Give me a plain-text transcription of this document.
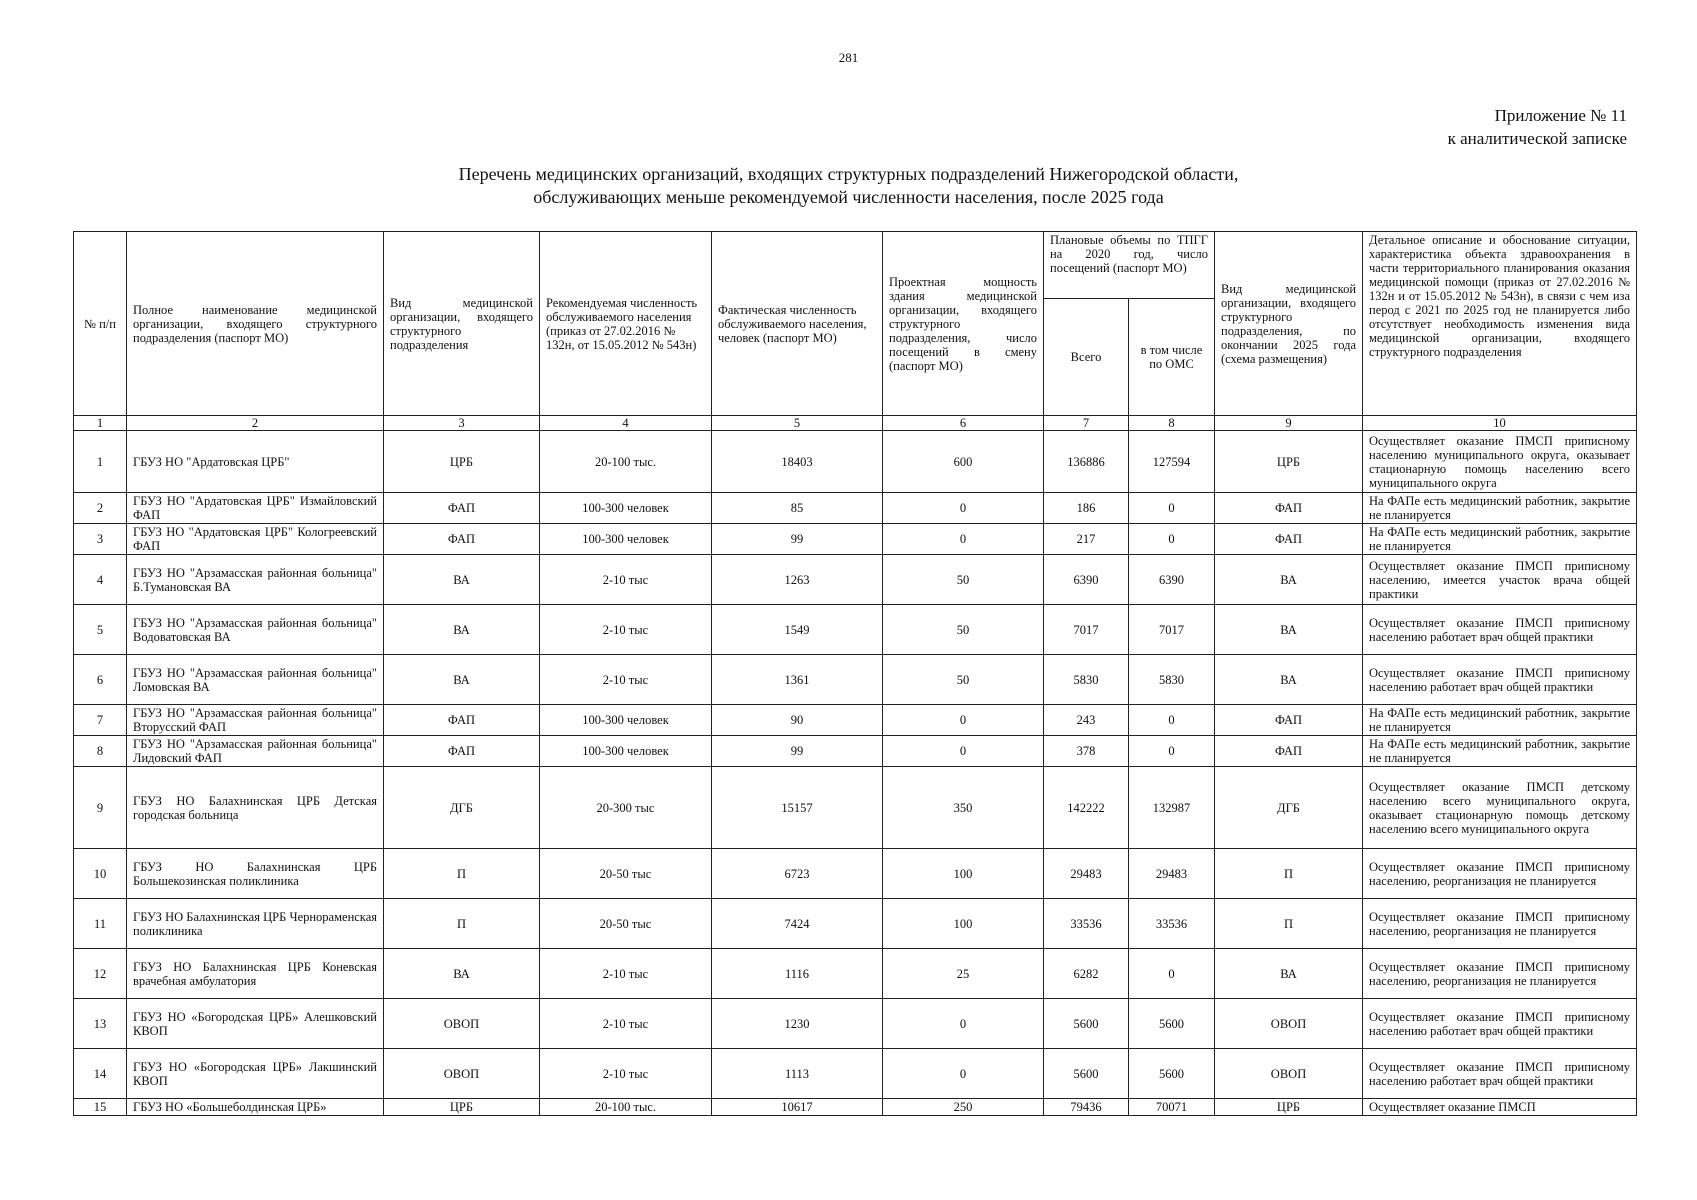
281
Приложение № 11
к аналитической записке
Перечень медицинских организаций, входящих структурных подразделений Нижегородской области,
обслуживающих меньше рекомендуемой численности населения, после 2025 года
№ п/п	Полное наименование медицинской организации, входящего структурного подразделения (паспорт МО)	Вид медицинской организации, входящего структурного подразделения	Рекомендуемая численность обслуживаемого населения (приказ от 27.02.2016 № 132н, от 15.05.2012 № 543н)	Фактическая численность обслуживаемого населения, человек (паспорт МО)	Проектная мощность здания медицинской организации, входящего структурного подразделения, число посещений в смену (паспорт МО)	Плановые объемы по ТПГГ на 2020 год, число посещений (паспорт МО)		Вид медицинской организации, входящего структурного подразделения, по окончании 2025 года (схема размещения)	Детальное описание и обоснование ситуации, характеристика объекта здравоохранения в части территориального планирования оказания медицинской помощи (приказ от 27.02.2016 № 132н и от 15.05.2012 № 543н), в связи с чем иза перод с 2021 по 2025 год не планируется либо отсутствует необходимость изменения вида медицинской организации, входящего структурного подразделения
						Всего	в том числе по ОМС		
1	2	3	4	5	6	7	8	9	10
1	ГБУЗ НО "Ардатовская ЦРБ"	ЦРБ	20-100 тыс.	18403	600	136886	127594	ЦРБ	Осуществляет оказание ПМСП приписному населению муниципального округа, оказывает стационарную помощь населению всего муниципального округа
2	ГБУЗ НО "Ардатовская ЦРБ" Измайловский ФАП	ФАП	100-300 человек	85	0	186	0	ФАП	На ФАПе есть медицинский работник, закрытие не планируется
3	ГБУЗ НО "Ардатовская ЦРБ" Кологреевский ФАП	ФАП	100-300 человек	99	0	217	0	ФАП	На ФАПе есть медицинский работник, закрытие не планируется
4	ГБУЗ НО "Арзамасская районная больница" Б.Тумановская ВА	ВА	2-10 тыс	1263	50	6390	6390	ВА	Осуществляет оказание ПМСП приписному населению, имеется участок врача общей практики
5	ГБУЗ НО "Арзамасская районная больница" Водоватовская ВА	ВА	2-10 тыс	1549	50	7017	7017	ВА	Осуществляет оказание ПМСП приписному населению работает врач общей практики
6	ГБУЗ НО "Арзамасская районная больница" Ломовская ВА	ВА	2-10 тыс	1361	50	5830	5830	ВА	Осуществляет оказание ПМСП приписному населению работает врач общей практики
7	ГБУЗ НО "Арзамасская районная больница" Вторусский ФАП	ФАП	100-300 человек	90	0	243	0	ФАП	На ФАПе есть медицинский работник, закрытие не планируется
8	ГБУЗ НО "Арзамасская районная больница" Лидовский ФАП	ФАП	100-300 человек	99	0	378	0	ФАП	На ФАПе есть медицинский работник, закрытие не планируется
9	ГБУЗ НО Балахнинская ЦРБ Детская городская больница	ДГБ	20-300 тыс	15157	350	142222	132987	ДГБ	Осуществляет оказание ПМСП детскому населению всего муниципального округа, оказывает стационарную помощь детскому населению всего муниципального округа
10	ГБУЗ НО Балахнинская ЦРБ Большекозинская поликлиника	П	20-50 тыс	6723	100	29483	29483	П	Осуществляет оказание ПМСП приписному населению, реорганизация не планируется
11	ГБУЗ НО Балахнинская ЦРБ Чернораменская поликлиника	П	20-50 тыс	7424	100	33536	33536	П	Осуществляет оказание ПМСП приписному населению, реорганизация не планируется
12	ГБУЗ НО Балахнинская ЦРБ Коневская врачебная амбулатория	ВА	2-10 тыс	1116	25	6282	0	ВА	Осуществляет оказание ПМСП приписному населению, реорганизация не планируется
13	ГБУЗ НО «Богородская ЦРБ» Алешковский КВОП	ОВОП	2-10 тыс	1230	0	5600	5600	ОВОП	Осуществляет оказание ПМСП приписному населению работает врач общей практики
14	ГБУЗ НО «Богородская ЦРБ» Лакшинский КВОП	ОВОП	2-10 тыс	1113	0	5600	5600	ОВОП	Осуществляет оказание ПМСП приписному населению работает врач общей практики
15	ГБУЗ НО «Большеболдинская ЦРБ»	ЦРБ	20-100 тыс.	10617	250	79436	70071	ЦРБ	Осуществляет оказание ПМСП
